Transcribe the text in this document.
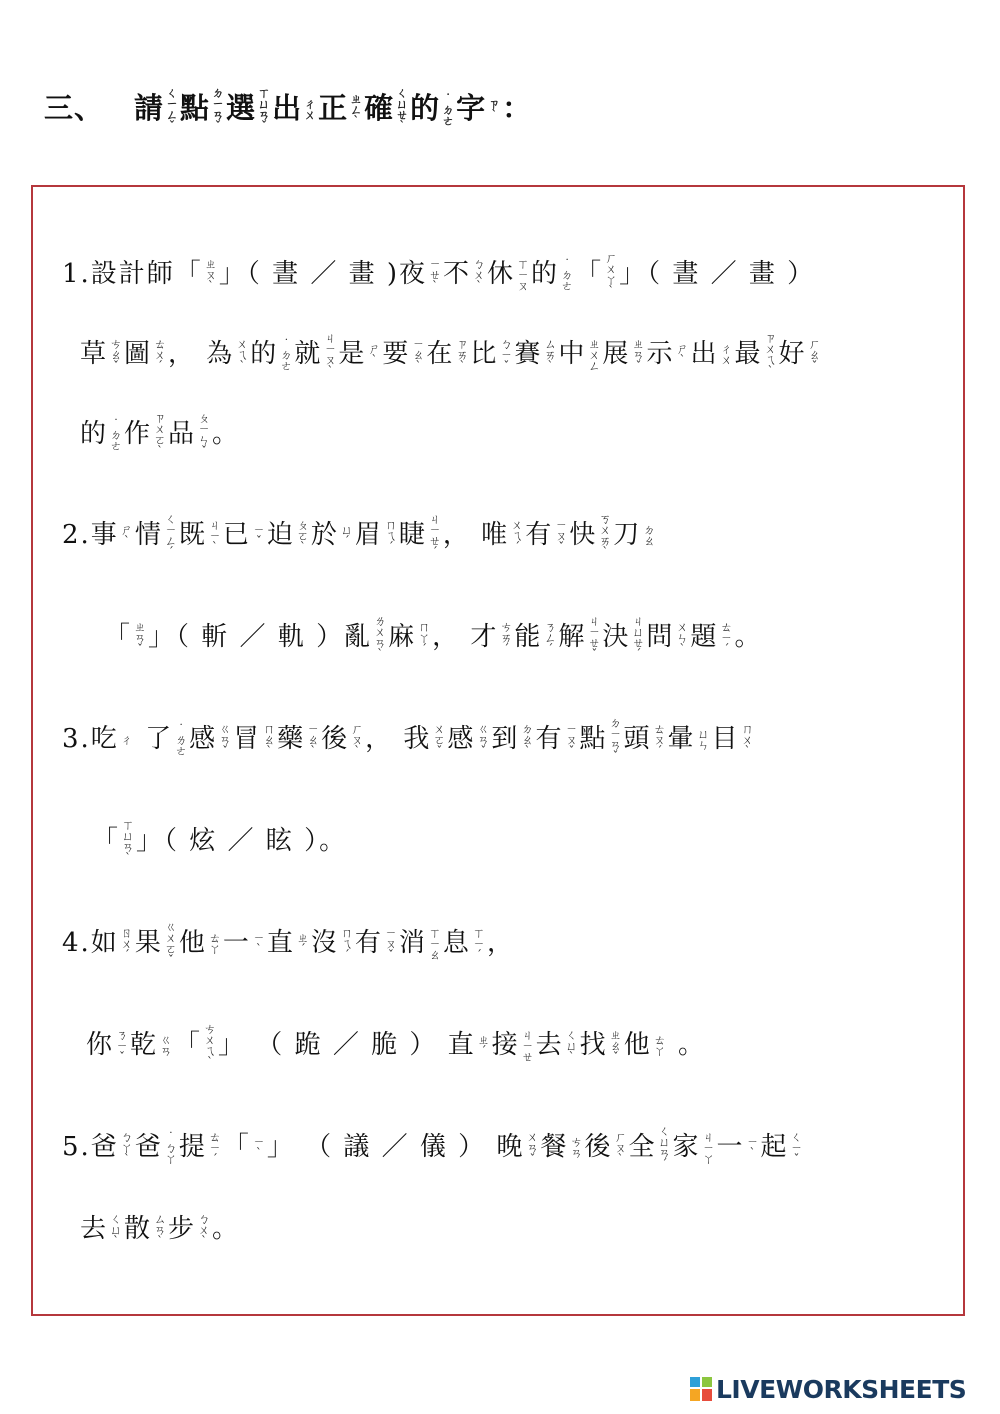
三、 請 ㄑㄧㄥˇ點 ㄉㄧㄢˇ選 ㄒㄩㄢˇ出 ㄔㄨ正 ㄓㄥˋ 確 ㄑㄩㄝˋ的 ˙ㄉㄜ字 ㄗˋ ：
1.設計師「 ㄓㄡˋ 」（ 晝 ／ 畫 )夜 ㄧㄝˋ 不 ㄅㄨˋ 休 ㄒㄧㄡ的 ˙ㄉㄜ「ㄏㄨㄚˋ」（ 晝 ／ 畫 ）
草 ㄘㄠˇ 圖 ㄊㄨˊ ， 為 ㄨㄟˋ 的 ˙ㄉㄜ就ㄐㄧㄡˋ是 ㄕˋ 要 ㄧㄠˋ 在 ㄗㄞˋ 比 ㄅㄧˇ 賽 ㄙㄞˋ 中 ㄓㄨㄥ展 ㄓㄢˇ 示 ㄕˋ 出 ㄔㄨ最ㄗㄨㄟˋ好 ㄏㄠˇ
的 ˙ㄉㄜ作ㄗㄨㄛˋ品ㄆㄧㄣˇ。
2.事 ㄕˋ 情ㄑㄧㄥˊ既 ㄐㄧˋ 已 ㄧˇ 迫 ㄆㄛˋ 於 ㄩˊ 眉 ㄇㄟˊ 睫ㄐㄧㄝˊ， 唯 ㄨㄟˊ 有 ㄧㄡˇ 快ㄎㄨㄞˋ刀 ㄉㄠ
「 ㄓㄢˇ 」（ 斬 ／ 軌 ）亂ㄌㄨㄢˋ麻 ㄇㄚˊ ， 才 ㄘㄞˊ 能 ㄋㄥˊ 解ㄐㄧㄝˇ決ㄐㄩㄝˊ問 ㄨㄣˋ 題 ㄊㄧˊ 。
3.吃 ㄔ 了 ˙ㄌㄜ感 ㄍㄢˇ 冒 ㄇㄠˋ 藥 ㄧㄠˋ 後 ㄏㄡˋ ， 我 ㄨㄛˇ 感 ㄍㄢˇ 到 ㄉㄠˋ 有 ㄧㄡˇ 點ㄉㄧㄢˇ頭 ㄊㄡˊ 暈 ㄩㄣ目 ㄇㄨˋ
「ㄒㄩㄢˋ」（ 炫 ／ 眩 ）。
4.如 ㄖㄨˊ 果ㄍㄨㄛˇ他 ㄊㄚ一 ㄧˋ 直 ㄓˊ 沒 ㄇㄟˊ 有 ㄧㄡˇ 消 ㄒㄧㄠ息 ㄒㄧˊ ，
你 ㄋㄧˇ 乾 ㄍㄢ「ㄘㄨㄟˋ」 （ 跪 ／ 脆 ） 直 ㄓˊ 接 ㄐㄧㄝ去 ㄑㄩˋ 找 ㄓㄠˇ 他 ㄊㄚ 。
5.爸 ㄅㄚˋ 爸 ˙ㄅㄚ提 ㄊㄧˊ 「 ㄧˋ 」 （ 議 ／ 儀 ） 晚 ㄨㄢˇ 餐 ㄘㄢ後 ㄏㄡˋ 全ㄑㄩㄢˊ家 ㄐㄧㄚ一 ㄧˋ 起 ㄑㄧˇ
去 ㄑㄩˋ 散 ㄙㄢˋ 步 ㄅㄨˋ 。
LIVEWORKSHEETS
